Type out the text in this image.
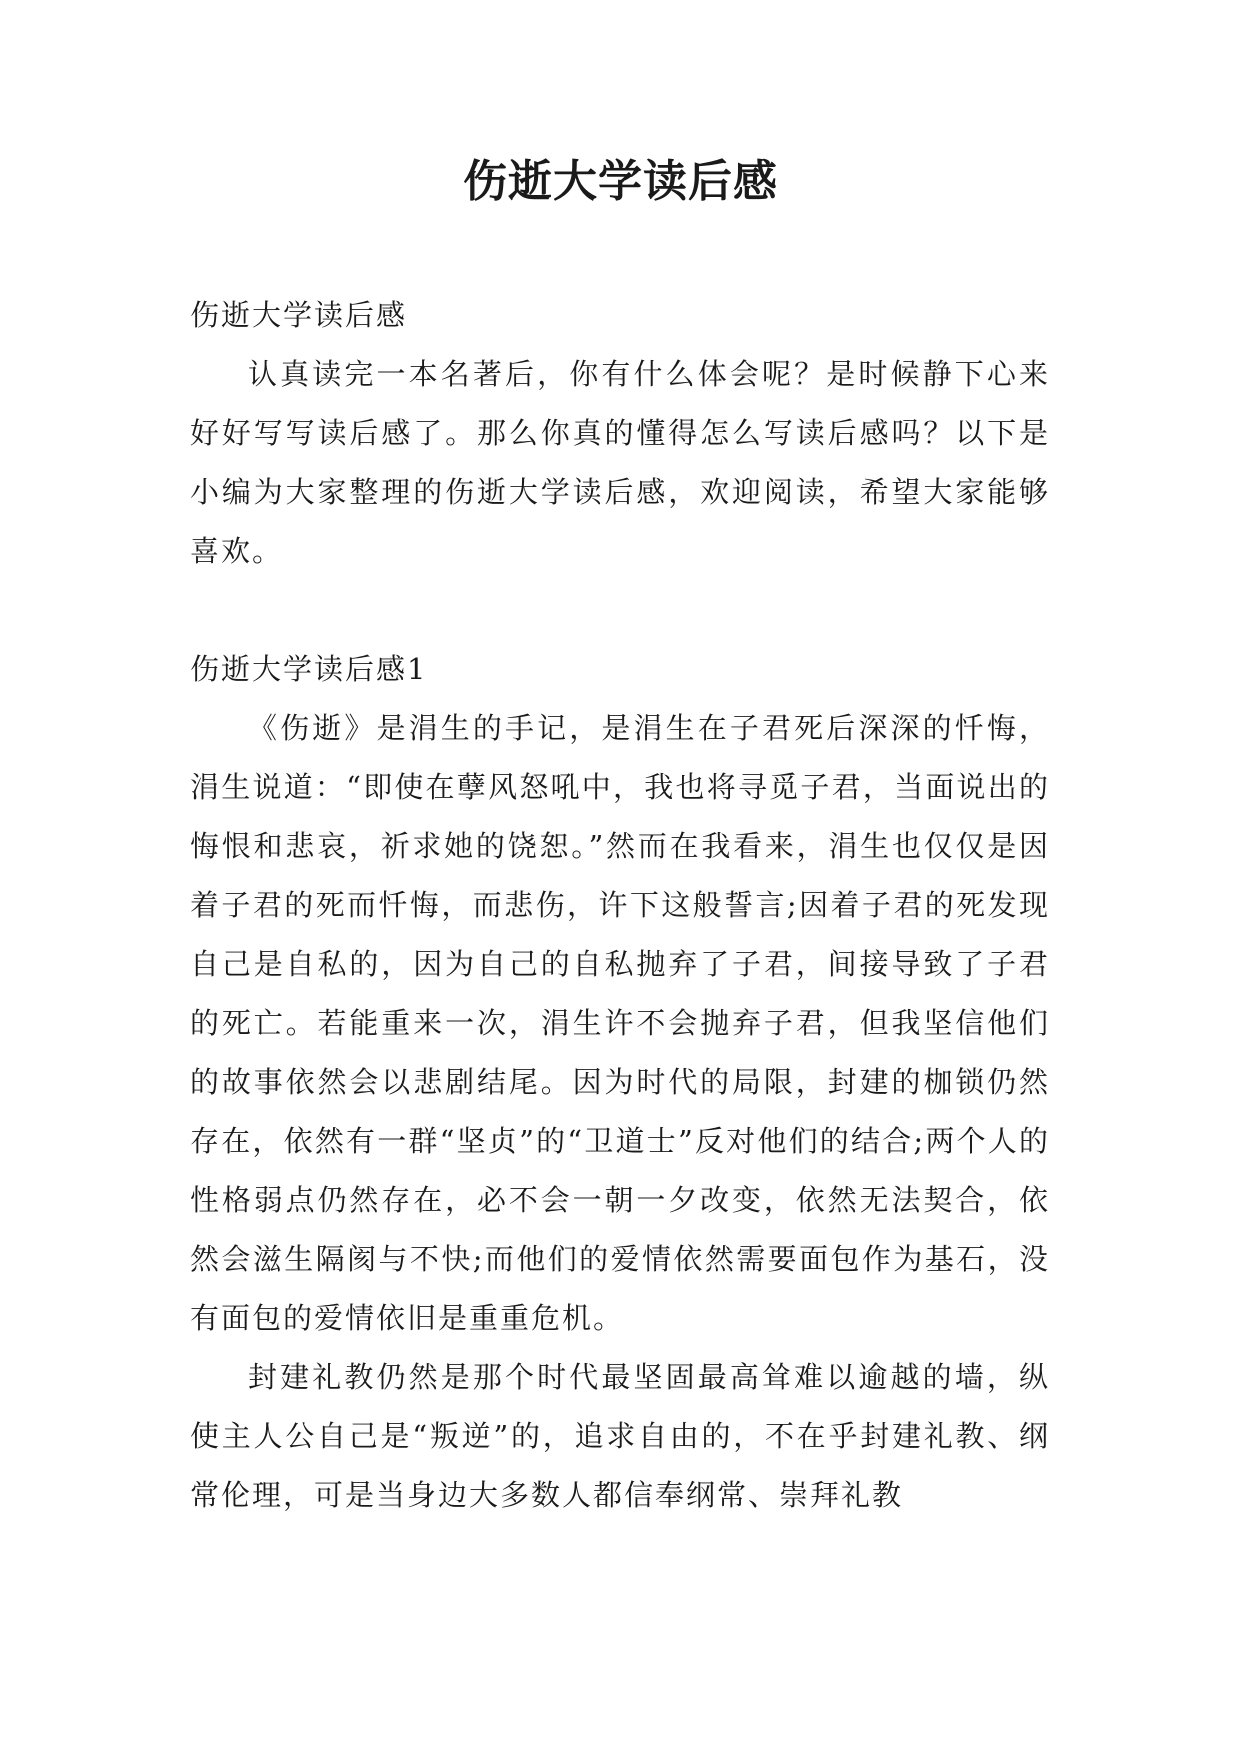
伤逝大学读后感

伤逝大学读后感

认真读完一本名著后，你有什么体会呢？是时候静下心来好好写写读后感了。那么你真的懂得怎么写读后感吗？以下是小编为大家整理的伤逝大学读后感，欢迎阅读，希望大家能够喜欢。

伤逝大学读后感1

《伤逝》是涓生的手记，是涓生在子君死后深深的忏悔，涓生说道：“即使在孽风怒吼中，我也将寻觅子君，当面说出的悔恨和悲哀，祈求她的饶恕。”然而在我看来，涓生也仅仅是因着子君的死而忏悔，而悲伤，许下这般誓言;因着子君的死发现自己是自私的，因为自己的自私抛弃了子君，间接导致了子君的死亡。若能重来一次，涓生许不会抛弃子君，但我坚信他们的故事依然会以悲剧结尾。因为时代的局限，封建的枷锁仍然存在，依然有一群“坚贞”的“卫道士”反对他们的结合;两个人的性格弱点仍然存在，必不会一朝一夕改变，依然无法契合，依然会滋生隔阂与不快;而他们的爱情依然需要面包作为基石，没有面包的爱情依旧是重重危机。

封建礼教仍然是那个时代最坚固最高耸难以逾越的墙，纵使主人公自己是“叛逆”的，追求自由的，不在乎封建礼教、纲常伦理，可是当身边大多数人都信奉纲常、崇拜礼教
